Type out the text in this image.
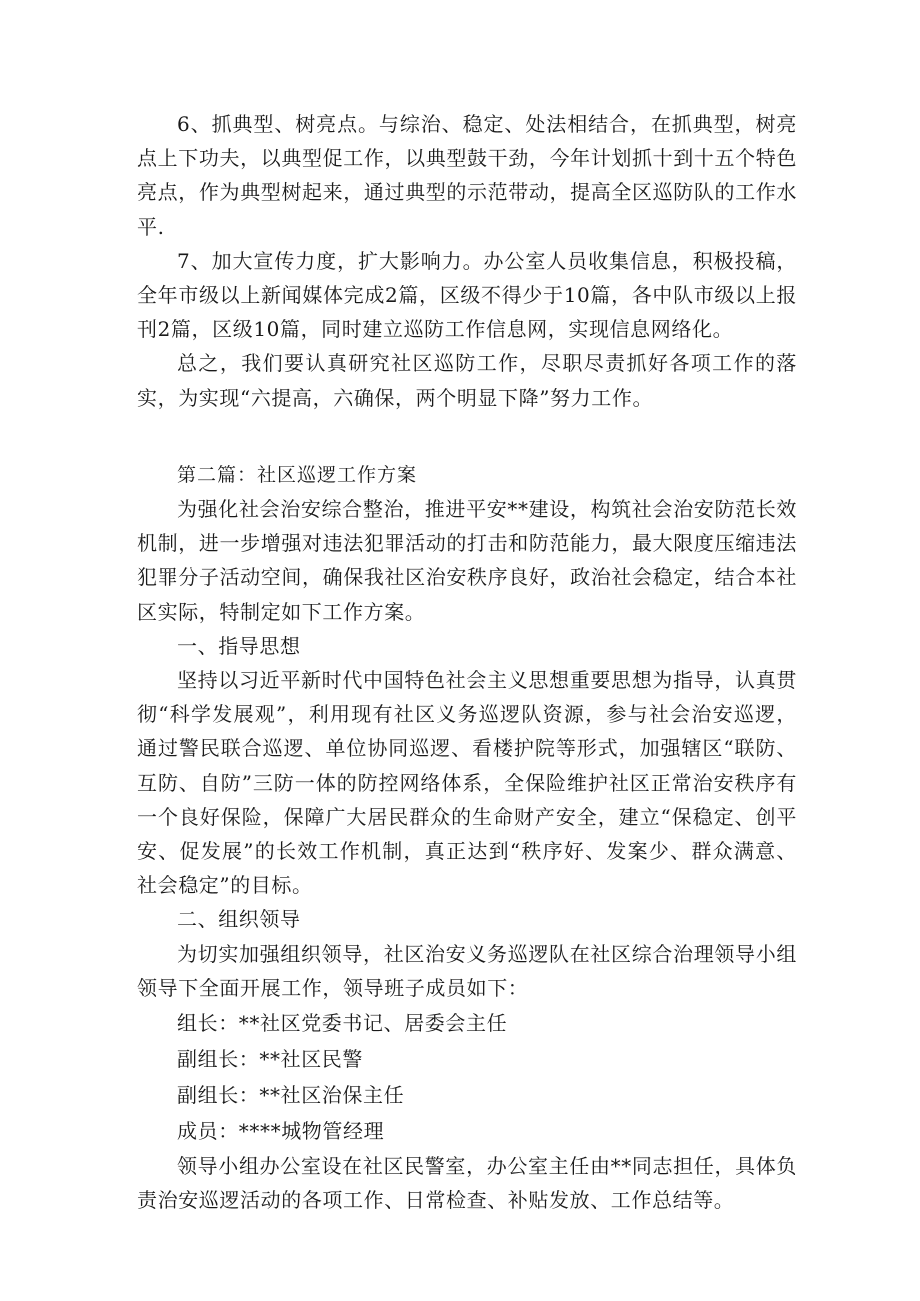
6、抓典型、树亮点。与综治、稳定、处法相结合，在抓典型，树亮点上下功夫，以典型促工作，以典型鼓干劲，今年计划抓十到十五个特色亮点，作为典型树起来，通过典型的示范带动，提高全区巡防队的工作水平.

7、加大宣传力度，扩大影响力。办公室人员收集信息，积极投稿，全年市级以上新闻媒体完成2篇，区级不得少于10篇，各中队市级以上报刊2篇，区级10篇，同时建立巡防工作信息网，实现信息网络化。

总之，我们要认真研究社区巡防工作，尽职尽责抓好各项工作的落实，为实现“六提高，六确保，两个明显下降”努力工作。

第二篇：社区巡逻工作方案

为强化社会治安综合整治，推进平安**建设，构筑社会治安防范长效机制，进一步增强对违法犯罪活动的打击和防范能力，最大限度压缩违法犯罪分子活动空间，确保我社区治安秩序良好，政治社会稳定，结合本社区实际，特制定如下工作方案。

一、指导思想

坚持以习近平新时代中国特色社会主义思想重要思想为指导，认真贯彻“科学发展观”，利用现有社区义务巡逻队资源，参与社会治安巡逻，通过警民联合巡逻、单位协同巡逻、看楼护院等形式，加强辖区“联防、互防、自防”三防一体的防控网络体系，全保险维护社区正常治安秩序有一个良好保险，保障广大居民群众的生命财产安全，建立“保稳定、创平安、促发展”的长效工作机制，真正达到“秩序好、发案少、群众满意、社会稳定”的目标。

二、组织领导

为切实加强组织领导，社区治安义务巡逻队在社区综合治理领导小组领导下全面开展工作，领导班子成员如下：

组长：**社区党委书记、居委会主任

副组长：**社区民警

副组长：**社区治保主任

成员：****城物管经理

领导小组办公室设在社区民警室，办公室主任由**同志担任，具体负责治安巡逻活动的各项工作、日常检查、补贴发放、工作总结等。
